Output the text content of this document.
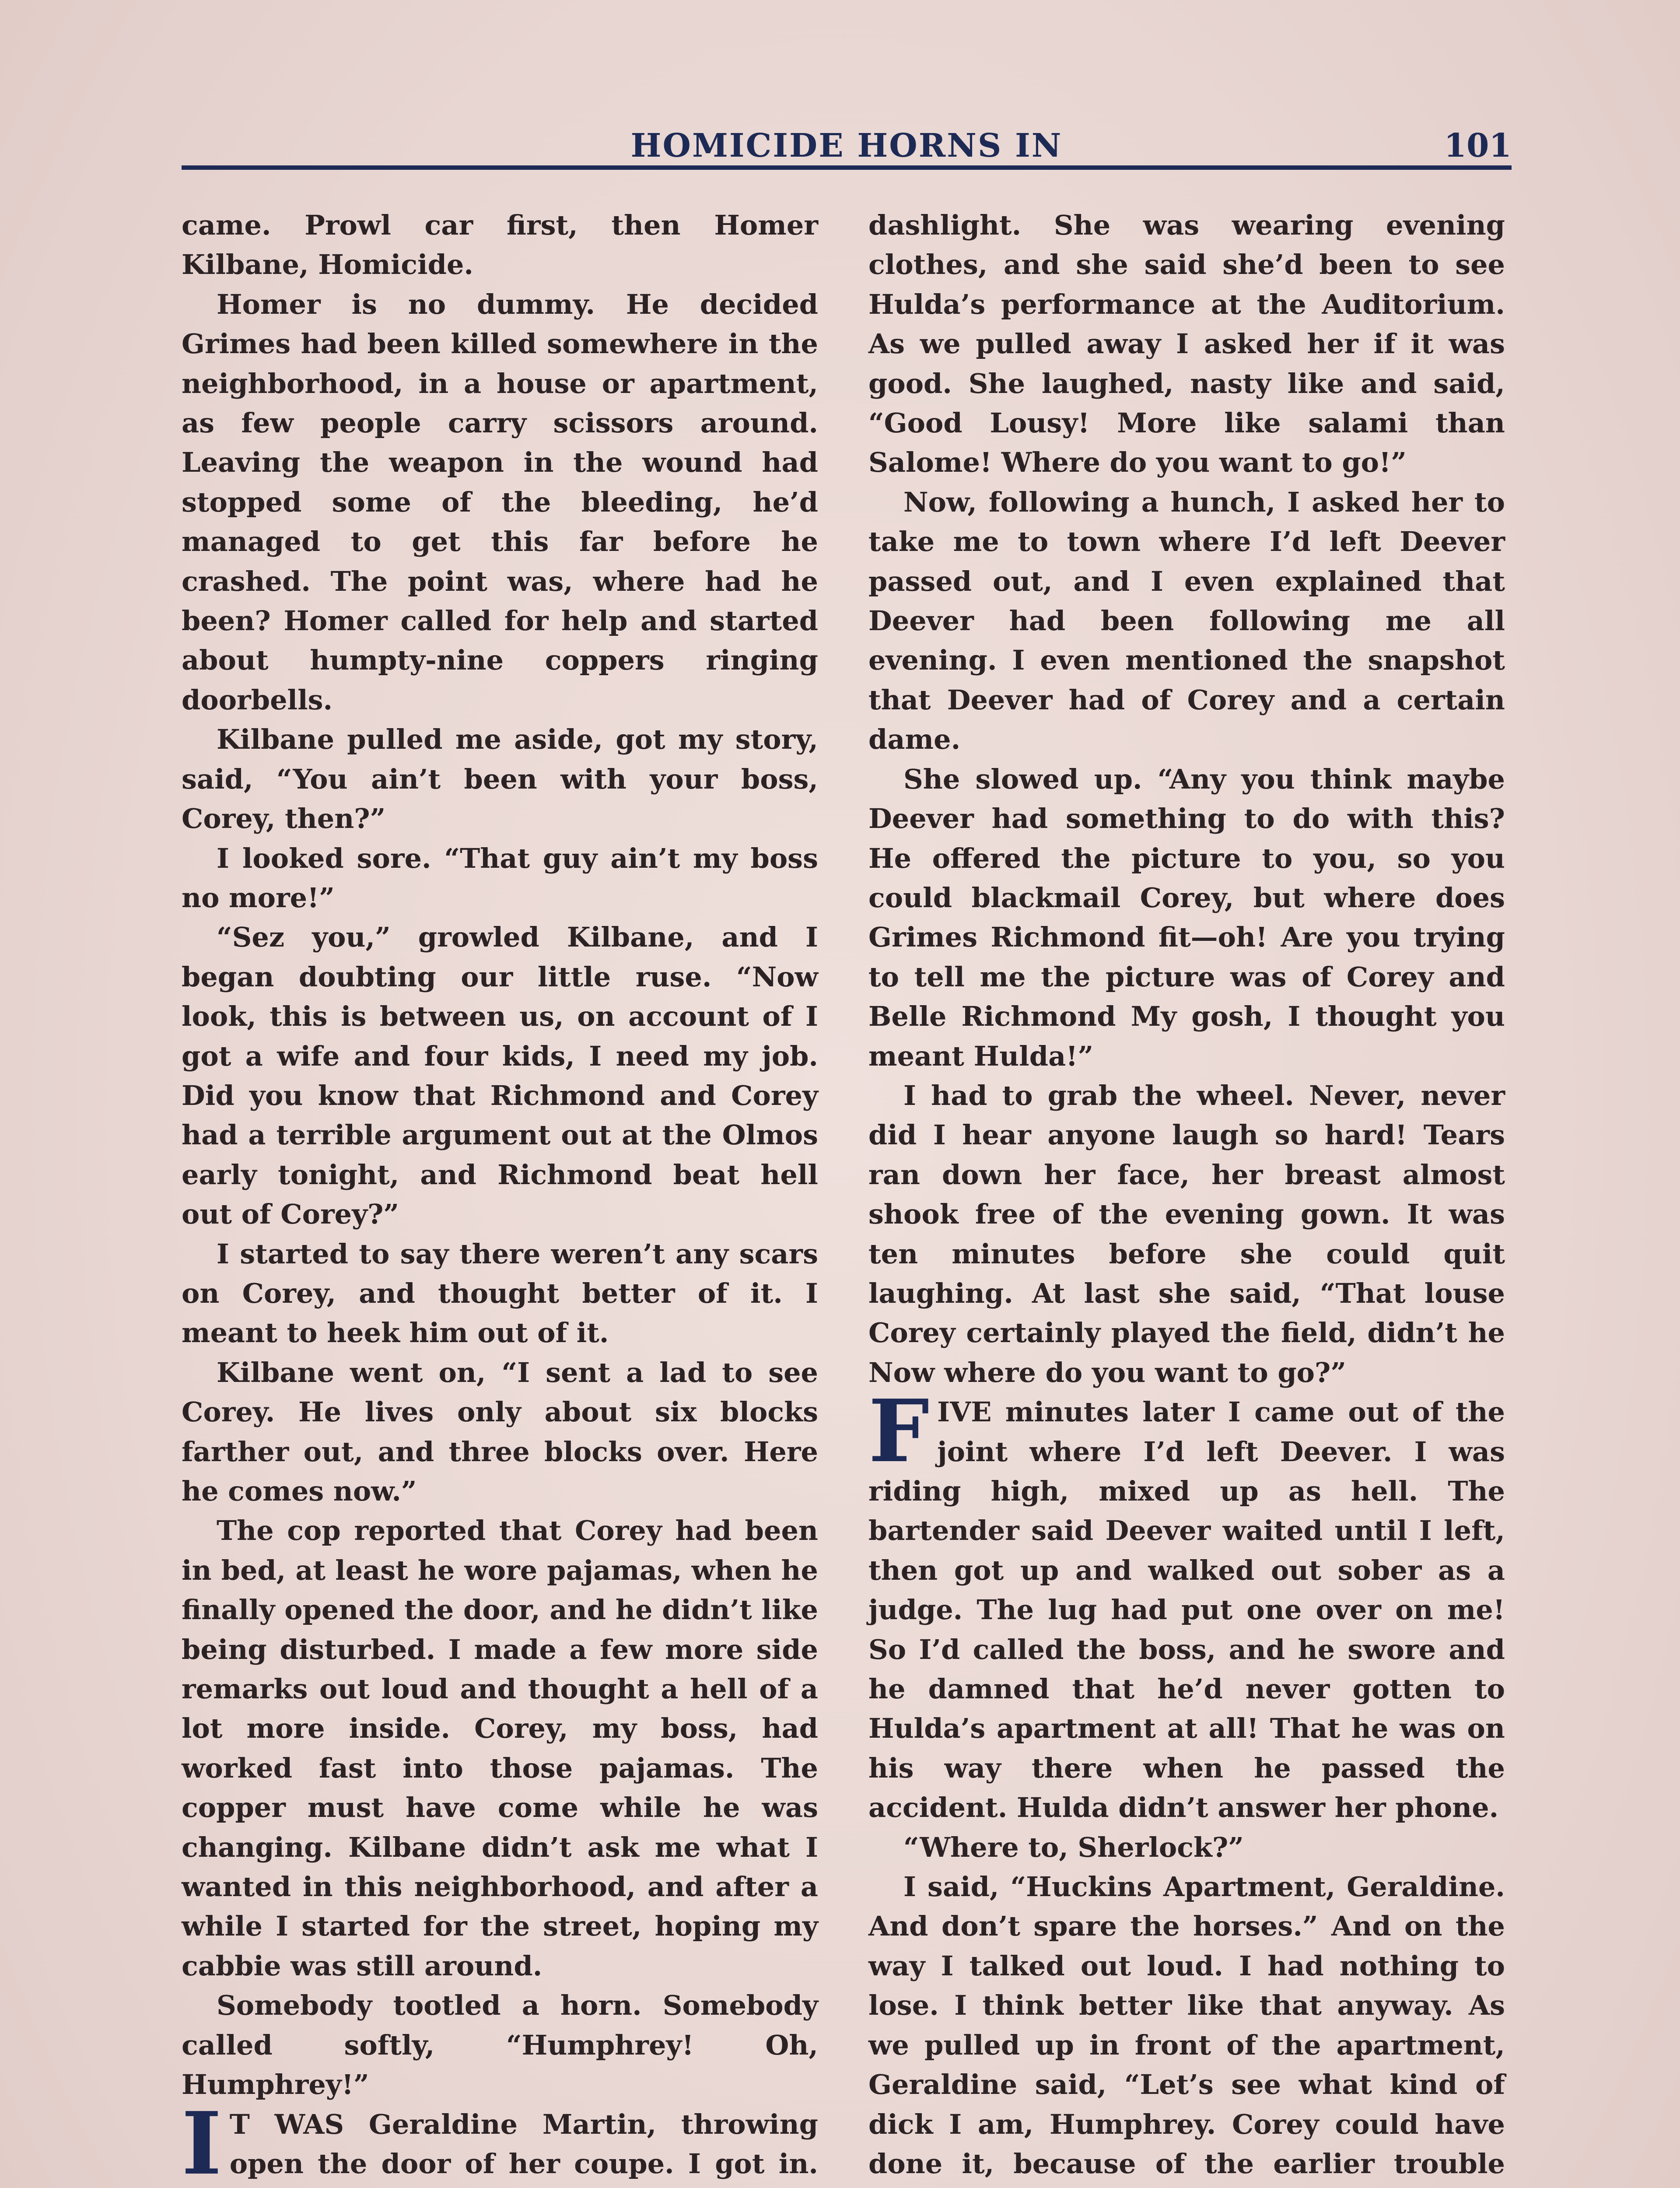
HOMICIDE HORNS IN	101

came. Prowl car first, then Homer Kilbane, Homicide.

Homer is no dummy. He decided Grimes had been killed somewhere in the neighborhood, in a house or apartment, as few people carry scissors around. Leaving the weapon in the wound had stopped some of the bleeding, he’d managed to get this far before he crashed. The point was, where had he been? Homer called for help and started about humpty-nine coppers ringing doorbells.

Kilbane pulled me aside, got my story, said, “You ain’t been with your boss, Corey, then?”

I looked sore. “That guy ain’t my boss no more!”

“Sez you,” growled Kilbane, and I began doubting our little ruse. “Now look, this is between us, on account of I got a wife and four kids, I need my job. Did you know that Richmond and Corey had a terrible argument out at the Olmos early tonight, and Richmond beat hell out of Corey?”

I started to say there weren’t any scars on Corey, and thought better of it. I meant to heek him out of it.

Kilbane went on, “I sent a lad to see Corey. He lives only about six blocks farther out, and three blocks over. Here he comes now.”

The cop reported that Corey had been in bed, at least he wore pajamas, when he finally opened the door, and he didn’t like being disturbed. I made a few more side remarks out loud and thought a hell of a lot more inside. Corey, my boss, had worked fast into those pajamas. The copper must have come while he was changing. Kilbane didn’t ask me what I wanted in this neighborhood, and after a while I started for the street, hoping my cabbie was still around.

Somebody tootled a horn. Somebody called softly, “Humphrey! Oh, Humphrey!”

I T WAS Geraldine Martin, throwing open the door of her coupe. I got in.

dashlight. She was wearing evening clothes, and she said she’d been to see Hulda’s performance at the Auditorium. As we pulled away I asked her if it was good. She laughed, nasty like and said, “Good Lousy! More like salami than Salome! Where do you want to go!”

Now, following a hunch, I asked her to take me to town where I’d left Deever passed out, and I even explained that Deever had been following me all evening. I even mentioned the snapshot that Deever had of Corey and a certain dame.

She slowed up. “Any you think maybe Deever had something to do with this? He offered the picture to you, so you could blackmail Corey, but where does Grimes Richmond fit—oh! Are you trying to tell me the picture was of Corey and Belle Richmond My gosh, I thought you meant Hulda!”

I had to grab the wheel. Never, never did I hear anyone laugh so hard! Tears ran down her face, her breast almost shook free of the evening gown. It was ten minutes before she could quit laughing. At last she said, “That louse Corey certainly played the field, didn’t he Now where do you want to go?”

FIVE minutes later I came out of the joint where I’d left Deever. I was riding high, mixed up as hell. The bartender said Deever waited until I left, then got up and walked out sober as a judge. The lug had put one over on me! So I’d called the boss, and he swore and he damned that he’d never gotten to Hulda’s apartment at all! That he was on his way there when he passed the accident. Hulda didn’t answer her phone.

“Where to, Sherlock?”

I said, “Huckins Apartment, Geraldine. And don’t spare the horses.” And on the way I talked out loud. I had nothing to lose. I think better like that anyway. As we pulled up in front of the apartment, Geraldine said, “Let’s see what kind of dick I am, Humphrey. Corey could have done it, because of the earlier trouble
